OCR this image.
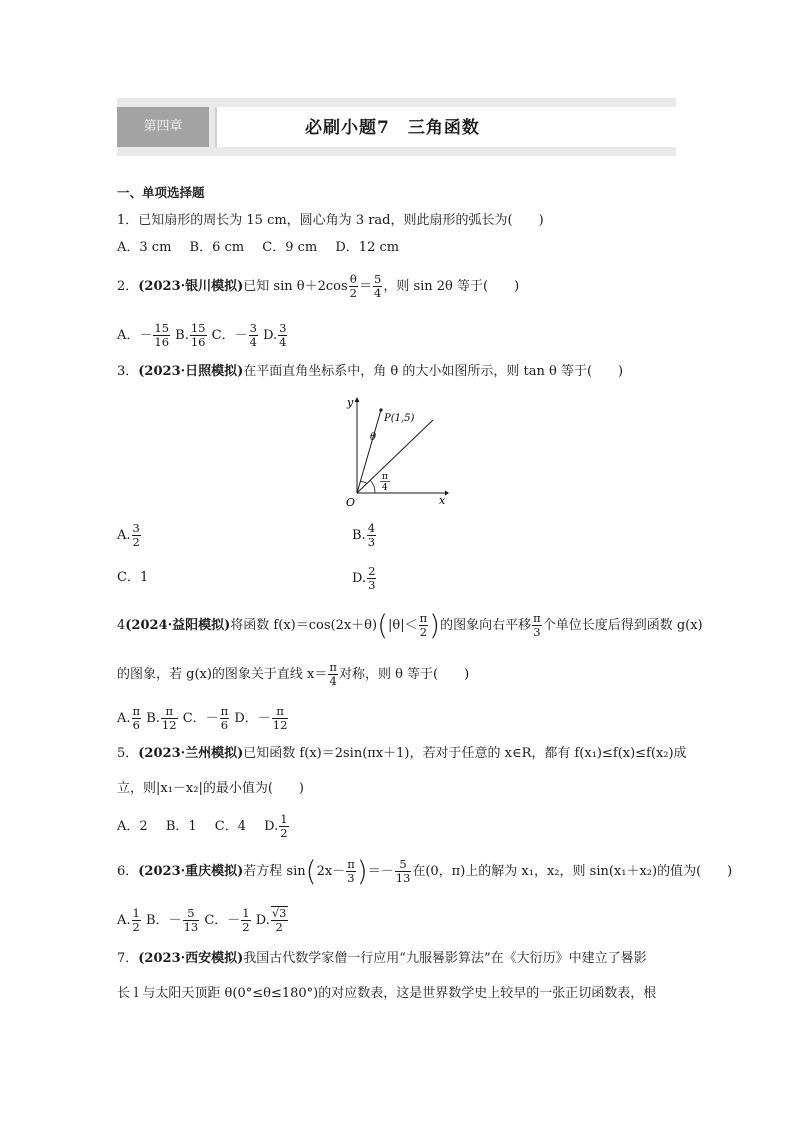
第四章	必刷小题7　三角函数
一、单项选择题
1．已知扇形的周长为 15 cm，圆心角为 3 rad，则此扇形的弧长为(　　)
A．3 cm B．6 cm C．9 cm D．12 cm
2．(2023·银川模拟)已知 $\sin \theta+2\cos \frac{\theta}{2} = \frac{5}{4}$ ，则 sin 2θ 等于(　　)
A．－ $\frac{15}{16} B$. $\frac{15}{16}$ C．－ $\frac{3}{4} D$. $\frac{3}{4}$
3．(2023·日照模拟)在平面直角坐标系中，角 θ 的大小如图所示，则 tan θ 等于(　　)
y
x
O
P(1,5)
θ
π
4
A. $\frac{3}{2}$	B. $\frac{4}{3}$
C．1	D. $\frac{2}{3}$
4(2024·益阳模拟)将函数 $f(x)=\cos(2x+\theta)(|\theta|< \frac{\pi}{2}$ )的图象向右平移 $\frac{\pi}{3}$ 个单位长度后得到函数 g(x)
的图象，若 g(x)的图象关于直线 $x= \frac{\pi}{4}$ 对称，则 θ 等于(　　)
A. $\frac{\pi}{6} B$. $\frac{\pi}{12}$ C．－ $\frac{\pi}{6}$ D．－ $\frac{\pi}{12}$
5．(2023·兰州模拟)已知函数 f(x)＝2sin(πx＋1)，若对于任意的 x∈R，都有 f(x₁)≤f(x)≤f(x₂)成
立，则|x₁－x₂|的最小值为(　　)
A．2 B．1 C．4 D. $\frac{1}{2}$
6．(2023·重庆模拟)若方程 $\sin(2x- \frac{\pi}{3}$ )＝－ $\frac{5}{13}$ 在(0，π)上的解为 x₁，x₂，则 sin(x₁＋x₂)的值为(　　)
A. $\frac{1}{2}$ B．－ $\frac{5}{13}$ C．－ $\frac{1}{2} D$. $\frac{√3}{2}$
7．(2023·西安模拟)我国古代数学家僧一行应用“九服晷影算法”在《大衍历》中建立了晷影
长 l 与太阳天顶距 θ(0°≤θ≤180°)的对应数表，这是世界数学史上较早的一张正切函数表，根
